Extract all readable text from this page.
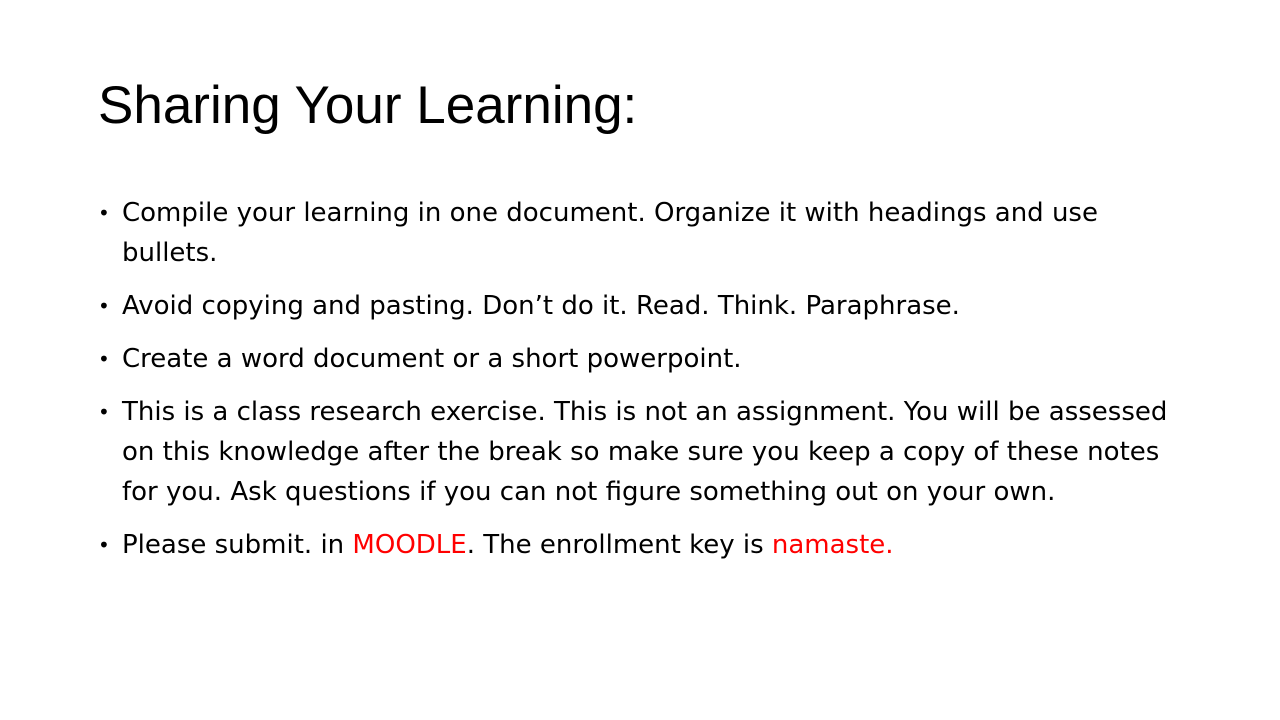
Sharing Your Learning:
• Compile your learning in one document. Organize it with headings and use bullets.
• Avoid copying and pasting. Don’t do it. Read. Think. Paraphrase.
• Create a word document or a short powerpoint.
• This is a class research exercise. This is not an assignment. You will be assessed on this knowledge after the break so make sure you keep a copy of these notes for you. Ask questions if you can not figure something out on your own.
• Please submit. in MOODLE. The enrollment key is namaste.
